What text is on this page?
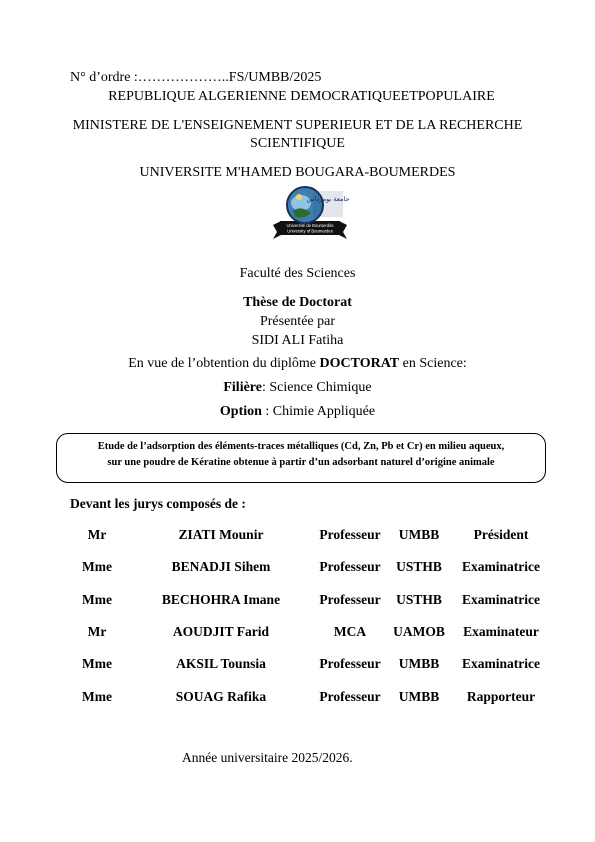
N° d’ordre :………………..FS/UMBB/2025
REPUBLIQUE ALGERIENNE DEMOCRATIQUEETPOPULAIRE
MINISTERE DE L'ENSEIGNEMENT SUPERIEUR ET DE LA RECHERCHE
SCIENTIFIQUE
UNIVERSITE M'HAMED BOUGARA-BOUMERDES
جامعة بومرداس
Université de Boumerdès
University of Boumerdes
Faculté des Sciences
Thèse de Doctorat
Présentée par
SIDI ALI Fatiha
En vue de l’obtention du diplôme DOCTORAT en Science:
Filière: Science Chimique
Option : Chimie Appliquée
Etude de l’adsorption des éléments-traces métalliques (Cd, Zn, Pb et Cr) en milieu aqueux,
sur une poudre de Kératine obtenue à partir d’un adsorbant naturel d’origine animale
Devant les jurys composés de :
Mr	ZIATI Mounir	Professeur	UMBB	Président
Mme	BENADJI Sihem	Professeur	USTHB	Examinatrice
Mme	BECHOHRA Imane	Professeur	USTHB	Examinatrice
Mr	AOUDJIT Farid	MCA	UAMOB	Examinateur
Mme	AKSIL Tounsia	Professeur	UMBB	Examinatrice
Mme	SOUAG Rafika	Professeur	UMBB	Rapporteur
Année universitaire 2025/2026.
